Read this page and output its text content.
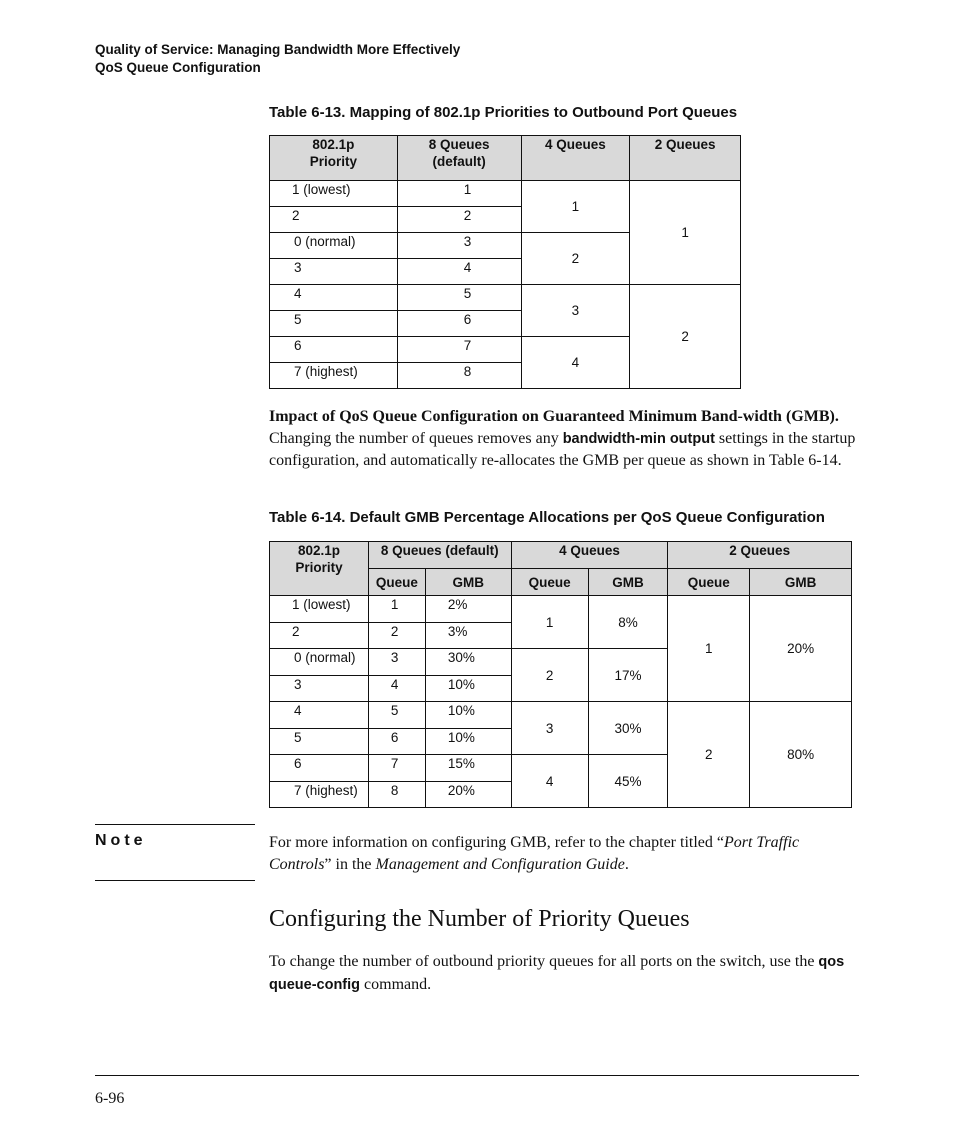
Quality of Service: Managing Bandwidth More Effectively
QoS Queue Configuration
Table 6-13. Mapping of 802.1p Priorities to Outbound Port Queues
802.1p
Priority	8 Queues
(default)	4 Queues	2 Queues
1 (lowest)	1	1	1
2	2		
0 (normal)	3	2	
3	4		
4	5	3	2
5	6		
6	7	4	
7 (highest)	8		
Impact of QoS Queue Configuration on Guaranteed Minimum Band-width (GMB). Changing the number of queues removes any bandwidth-min output settings in the startup configuration, and automatically re-allocates the GMB per queue as shown in Table 6-14.
Table 6-14. Default GMB Percentage Allocations per QoS Queue Configuration
802.1p
Priority	8 Queues (default)		4 Queues		2 Queues	
	Queue	GMB	Queue	GMB	Queue	GMB
1 (lowest)	1	2%	1	8%	1	20%
2	2	3%				
0 (normal)	3	30%	2	17%		
3	4	10%				
4	5	10%	3	30%	2	80%
5	6	10%				
6	7	15%	4	45%		
7 (highest)	8	20%				
Note	For more information on configuring GMB, refer to the chapter titled “Port Traffic Controls” in the Management and Configuration Guide.
Configuring the Number of Priority Queues
To change the number of outbound priority queues for all ports on the switch, use the qos queue-config command.
6-96
